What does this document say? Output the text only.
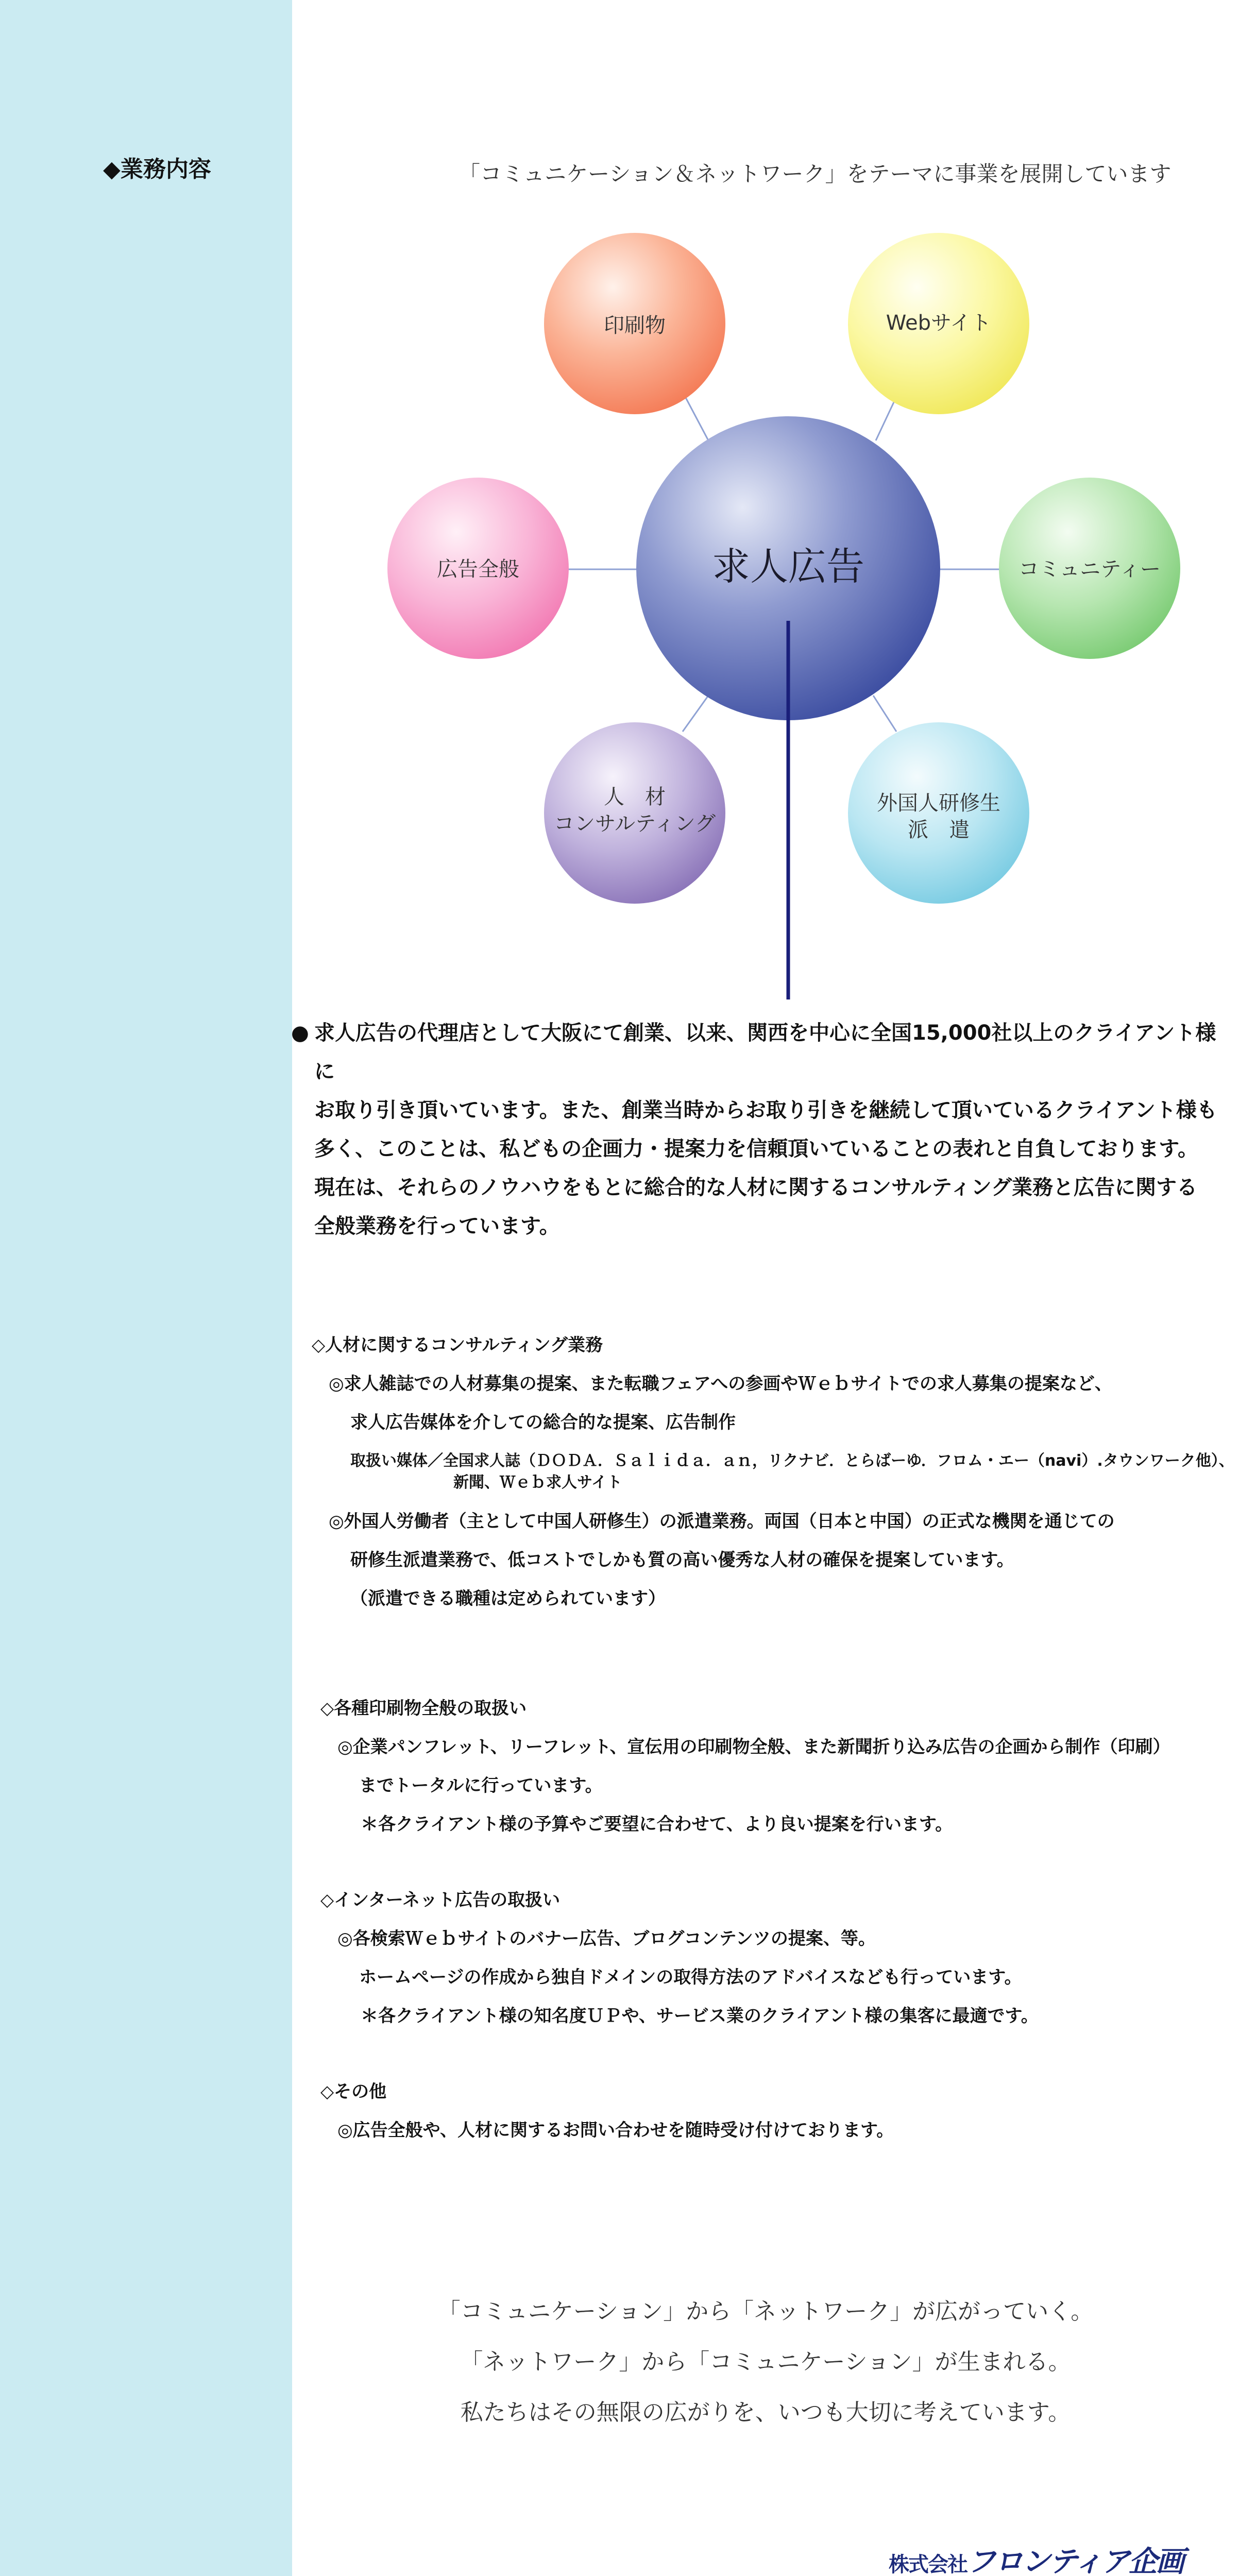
◆業務内容	「コミュニケーション＆ネットワーク」をテーマに事業を展開しています
求人広告
印刷物	Webサイト
広告全般	コミュニティー
人　材
コンサルティング
外国人研修生
派　遣
● 求人広告の代理店として大阪にて創業、以来、関西を中心に全国15,000社以上のクライアント様に

お取り引き頂いています。また、創業当時からお取り引きを継続して頂いているクライアント様も

多く、このことは、私どもの企画力・提案力を信頼頂いていることの表れと自負しております。

現在は、それらのノウハウをもとに総合的な人材に関するコンサルティング業務と広告に関する

全般業務を行っています。

◇人材に関するコンサルティング業務
◎求人雑誌での人材募集の提案、また転職フェアへの参画やＷｅｂサイトでの求人募集の提案など、
求人広告媒体を介しての総合的な提案、広告制作
取扱い媒体／全国求人誌（ＤＯＤＡ．Ｓａｌｉｄａ．ａｎ，リクナビ．とらばーゆ．フロム・エー（navi）.タウンワーク他）、
新聞、Ｗｅｂ求人サイト
◎外国人労働者（主として中国人研修生）の派遣業務。両国（日本と中国）の正式な機関を通じての
研修生派遣業務で、低コストでしかも質の高い優秀な人材の確保を提案しています。
（派遣できる職種は定められています）
◇各種印刷物全般の取扱い
◎企業パンフレット、リーフレット、宣伝用の印刷物全般、また新聞折り込み広告の企画から制作（印刷）
までトータルに行っています。
＊各クライアント様の予算やご要望に合わせて、より良い提案を行います。
◇インターネット広告の取扱い
◎各検索Ｗｅｂサイトのバナー広告、ブログコンテンツの提案、等。
ホームページの作成から独自ドメインの取得方法のアドバイスなども行っています。
＊各クライアント様の知名度ＵＰや、サービス業のクライアント様の集客に最適です。
◇その他
◎広告全般や、人材に関するお問い合わせを随時受け付けております。
「コミュニケーション」から「ネットワーク」が広がっていく。
「ネットワーク」から「コミュニケーション」が生まれる。
私たちはその無限の広がりを、いつも大切に考えています。
株式会社フロンティア企画
